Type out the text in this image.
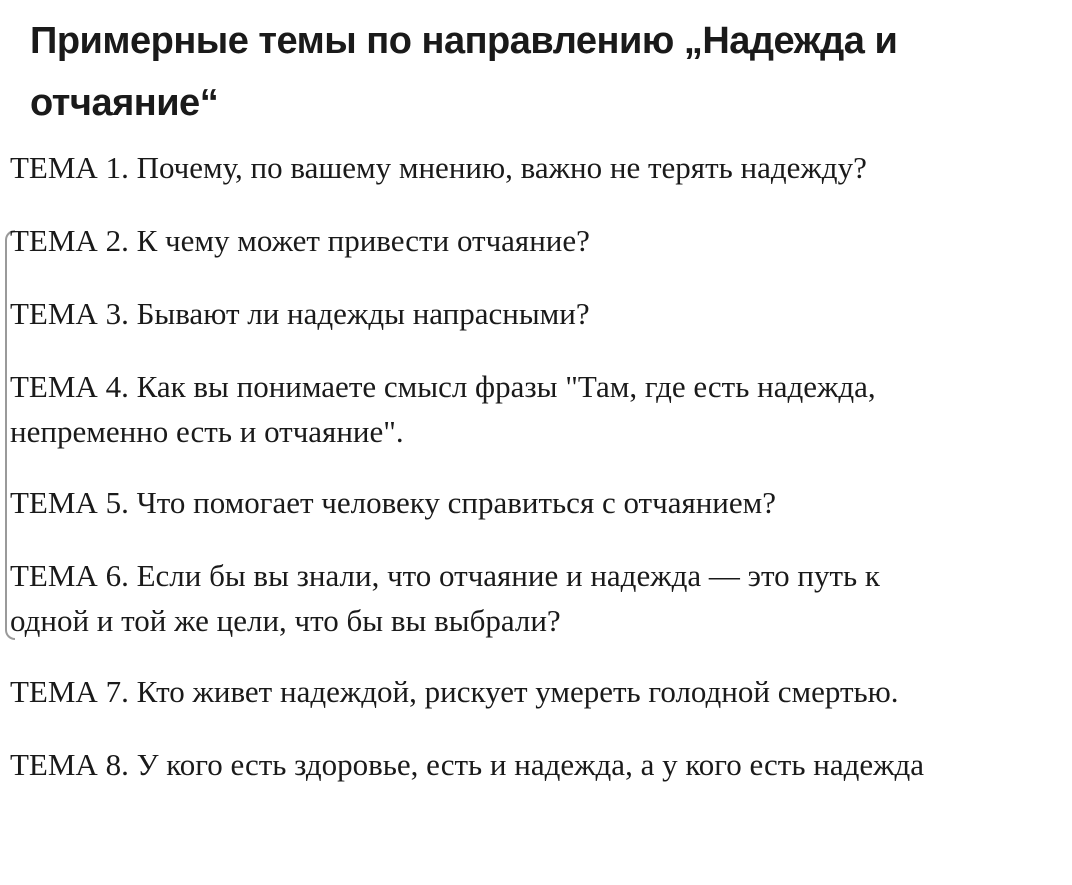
Примерные темы по направлению „Надежда и отчаяние“

ТЕМА 1. Почему, по вашему мнению, важно не терять надежду?

ТЕМА 2. К чему может привести отчаяние?

ТЕМА 3. Бывают ли надежды напрасными?

ТЕМА 4. Как вы понимаете смысл фразы "Там, где есть надежда,
непременно есть и отчаяние".

ТЕМА 5. Что помогает человеку справиться с отчаянием?

ТЕМА 6. Если бы вы знали, что отчаяние и надежда — это путь к
одной и той же цели, что бы вы выбрали?

ТЕМА 7. Кто живет надеждой, рискует умереть голодной смертью.

ТЕМА 8. У кого есть здоровье, есть и надежда, а у кого есть надежда
